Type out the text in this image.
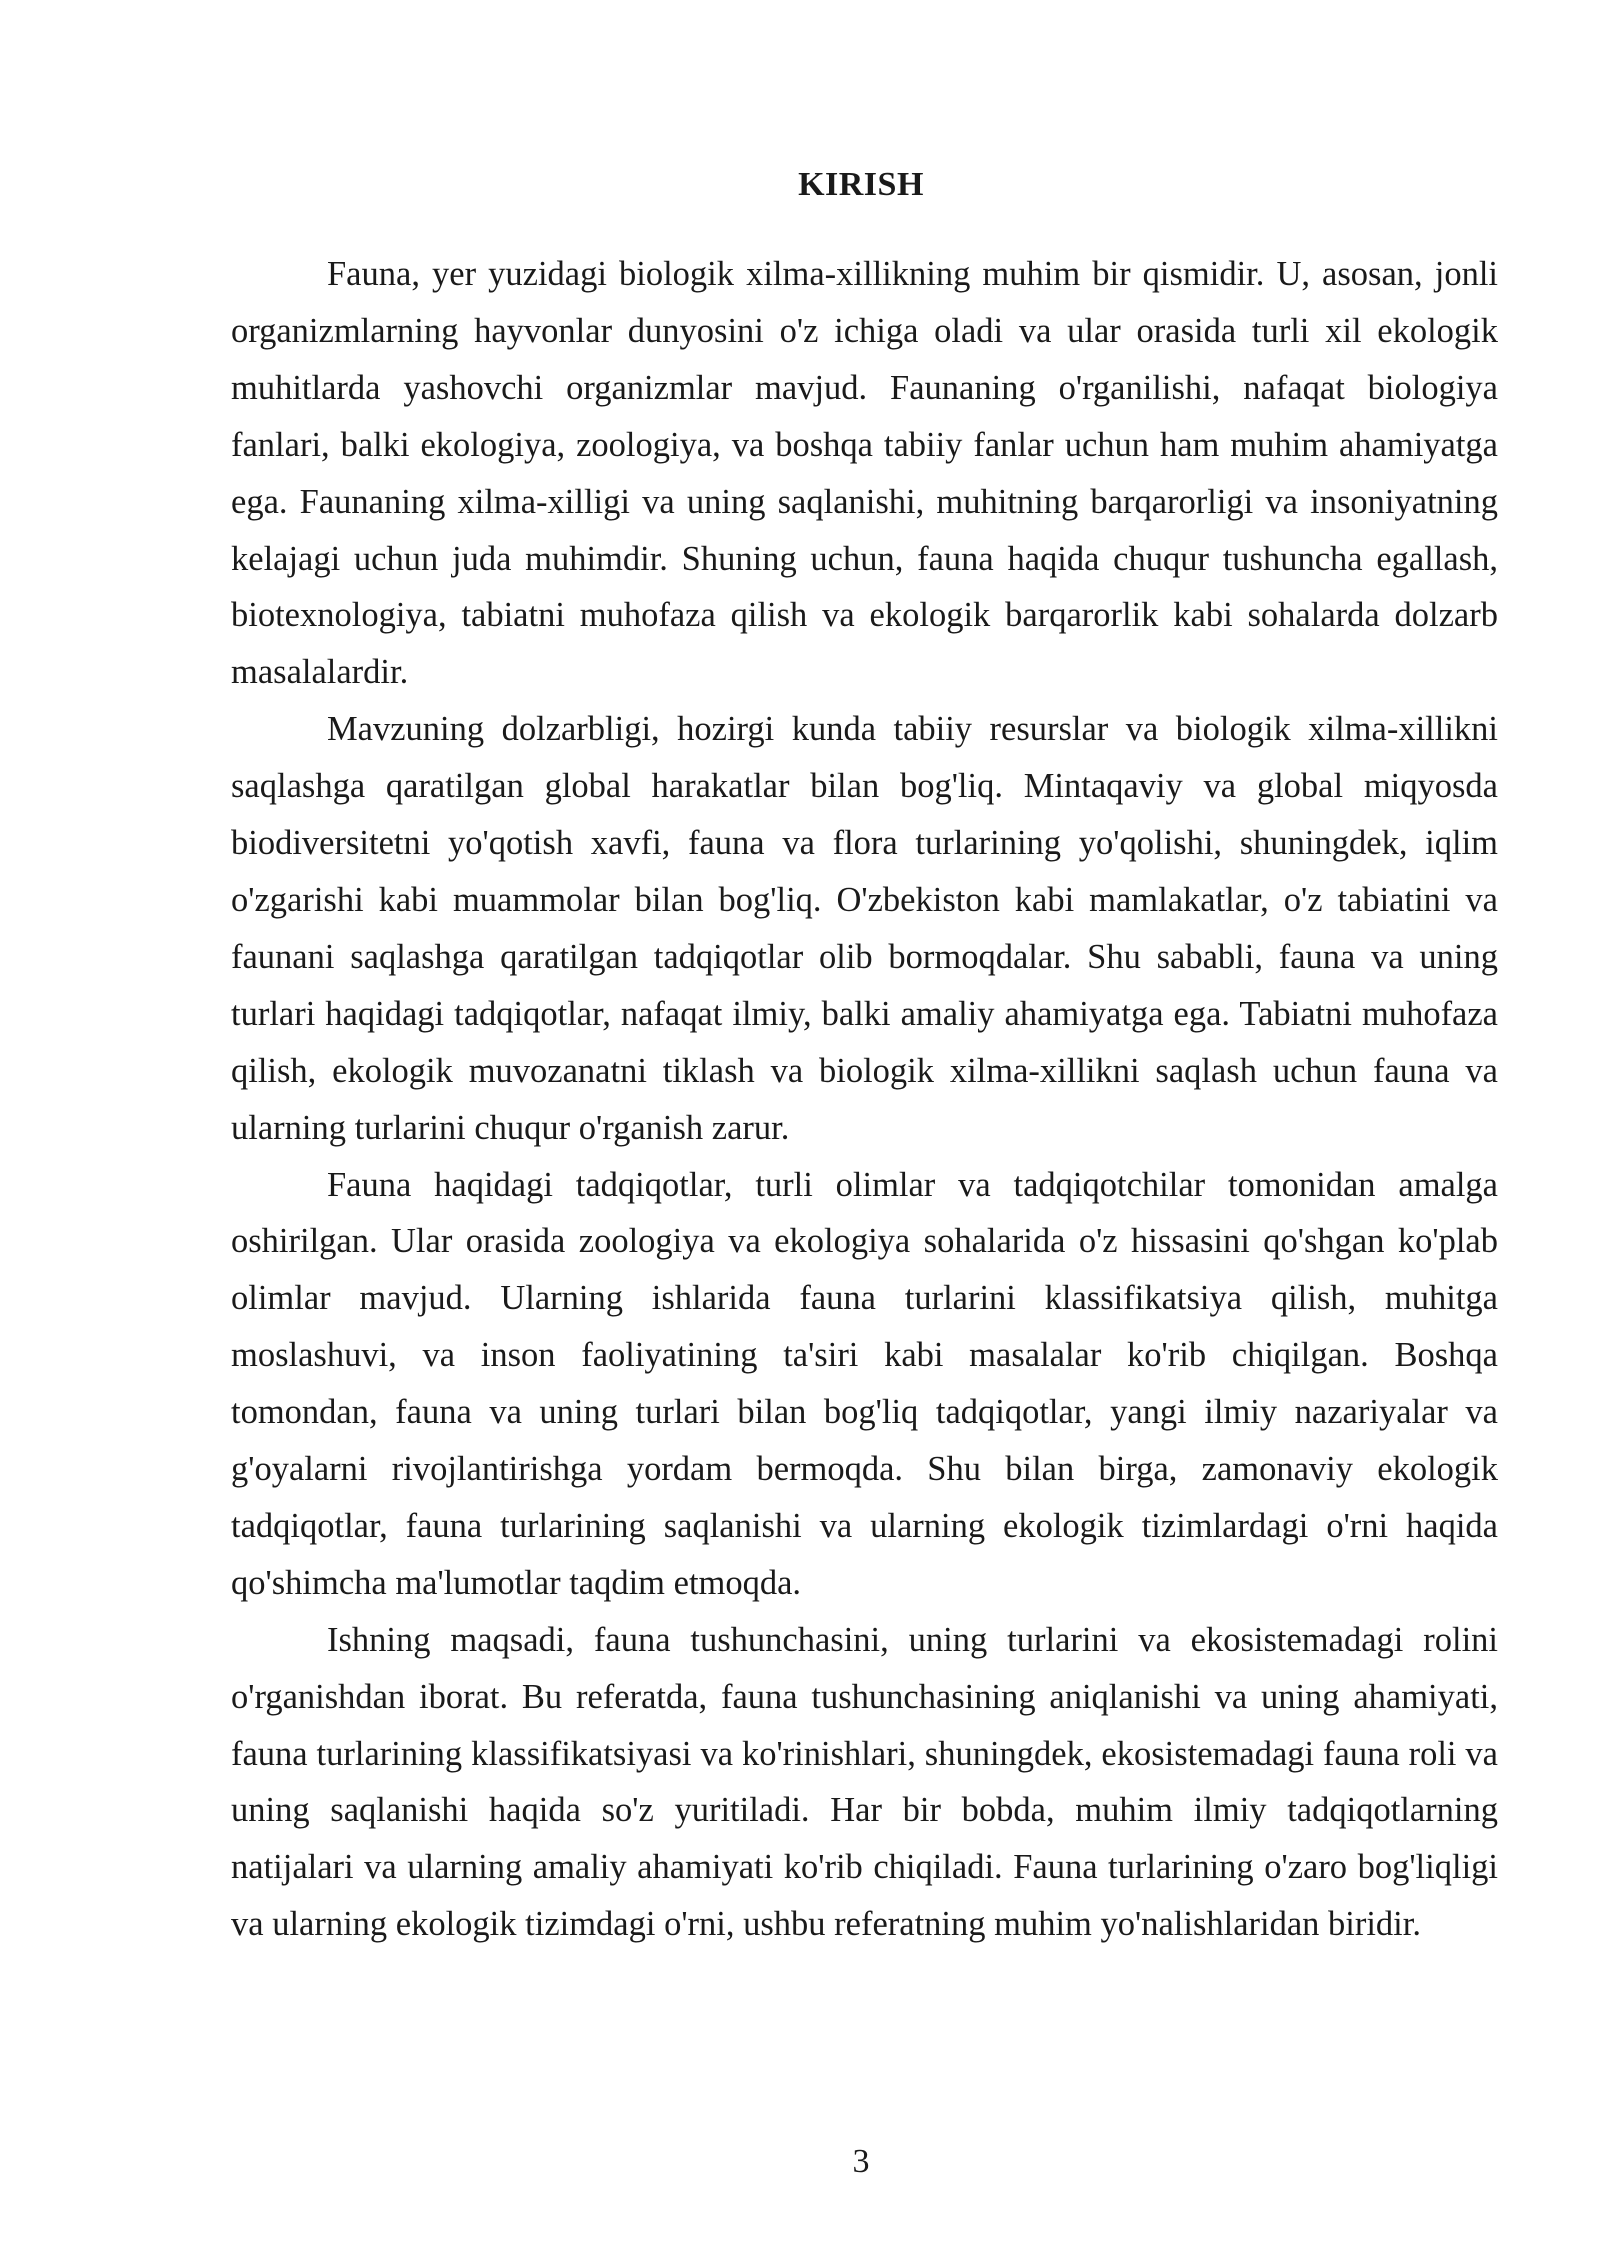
KIRISH

Fauna, yer yuzidagi biologik xilma-xillikning muhim bir qismidir. U, asosan, jonli organizmlarning hayvonlar dunyosini o'z ichiga oladi va ular orasida turli xil ekologik muhitlarda yashovchi organizmlar mavjud. Faunaning o'rganilishi, nafaqat biologiya fanlari, balki ekologiya, zoologiya, va boshqa tabiiy fanlar uchun ham muhim ahamiyatga ega. Faunaning xilma-xilligi va uning saqlanishi, muhitning barqarorligi va insoniyatning kelajagi uchun juda muhimdir. Shuning uchun, fauna haqida chuqur tushuncha egallash, biotexnologiya, tabiatni muhofaza qilish va ekologik barqarorlik kabi sohalarda dolzarb masalalardir.

Mavzuning dolzarbligi, hozirgi kunda tabiiy resurslar va biologik xilma-xillikni saqlashga qaratilgan global harakatlar bilan bog'liq. Mintaqaviy va global miqyosda biodiversitetni yo'qotish xavfi, fauna va flora turlarining yo'qolishi, shuningdek, iqlim o'zgarishi kabi muammolar bilan bog'liq. O'zbekiston kabi mamlakatlar, o'z tabiatini va faunani saqlashga qaratilgan tadqiqotlar olib bormoqdalar. Shu sababli, fauna va uning turlari haqidagi tadqiqotlar, nafaqat ilmiy, balki amaliy ahamiyatga ega. Tabiatni muhofaza qilish, ekologik muvozanatni tiklash va biologik xilma-xillikni saqlash uchun fauna va ularning turlarini chuqur o'rganish zarur.

Fauna haqidagi tadqiqotlar, turli olimlar va tadqiqotchilar tomonidan amalga oshirilgan. Ular orasida zoologiya va ekologiya sohalarida o'z hissasini qo'shgan ko'plab olimlar mavjud. Ularning ishlarida fauna turlarini klassifikatsiya qilish, muhitga moslashuvi, va inson faoliyatining ta'siri kabi masalalar ko'rib chiqilgan. Boshqa tomondan, fauna va uning turlari bilan bog'liq tadqiqotlar, yangi ilmiy nazariyalar va g'oyalarni rivojlantirishga yordam bermoqda. Shu bilan birga, zamonaviy ekologik tadqiqotlar, fauna turlarining saqlanishi va ularning ekologik tizimlardagi o'rni haqida qo'shimcha ma'lumotlar taqdim etmoqda.

Ishning maqsadi, fauna tushunchasini, uning turlarini va ekosistemadagi rolini o'rganishdan iborat. Bu referatda, fauna tushunchasining aniqlanishi va uning ahamiyati, fauna turlarining klassifikatsiyasi va ko'rinishlari, shuningdek, ekosistemadagi fauna roli va uning saqlanishi haqida so'z yuritiladi. Har bir bobda, muhim ilmiy tadqiqotlarning natijalari va ularning amaliy ahamiyati ko'rib chiqiladi. Fauna turlarining o'zaro bog'liqligi va ularning ekologik tizimdagi o'rni, ushbu referatning muhim yo'nalishlaridan biridir.

3
